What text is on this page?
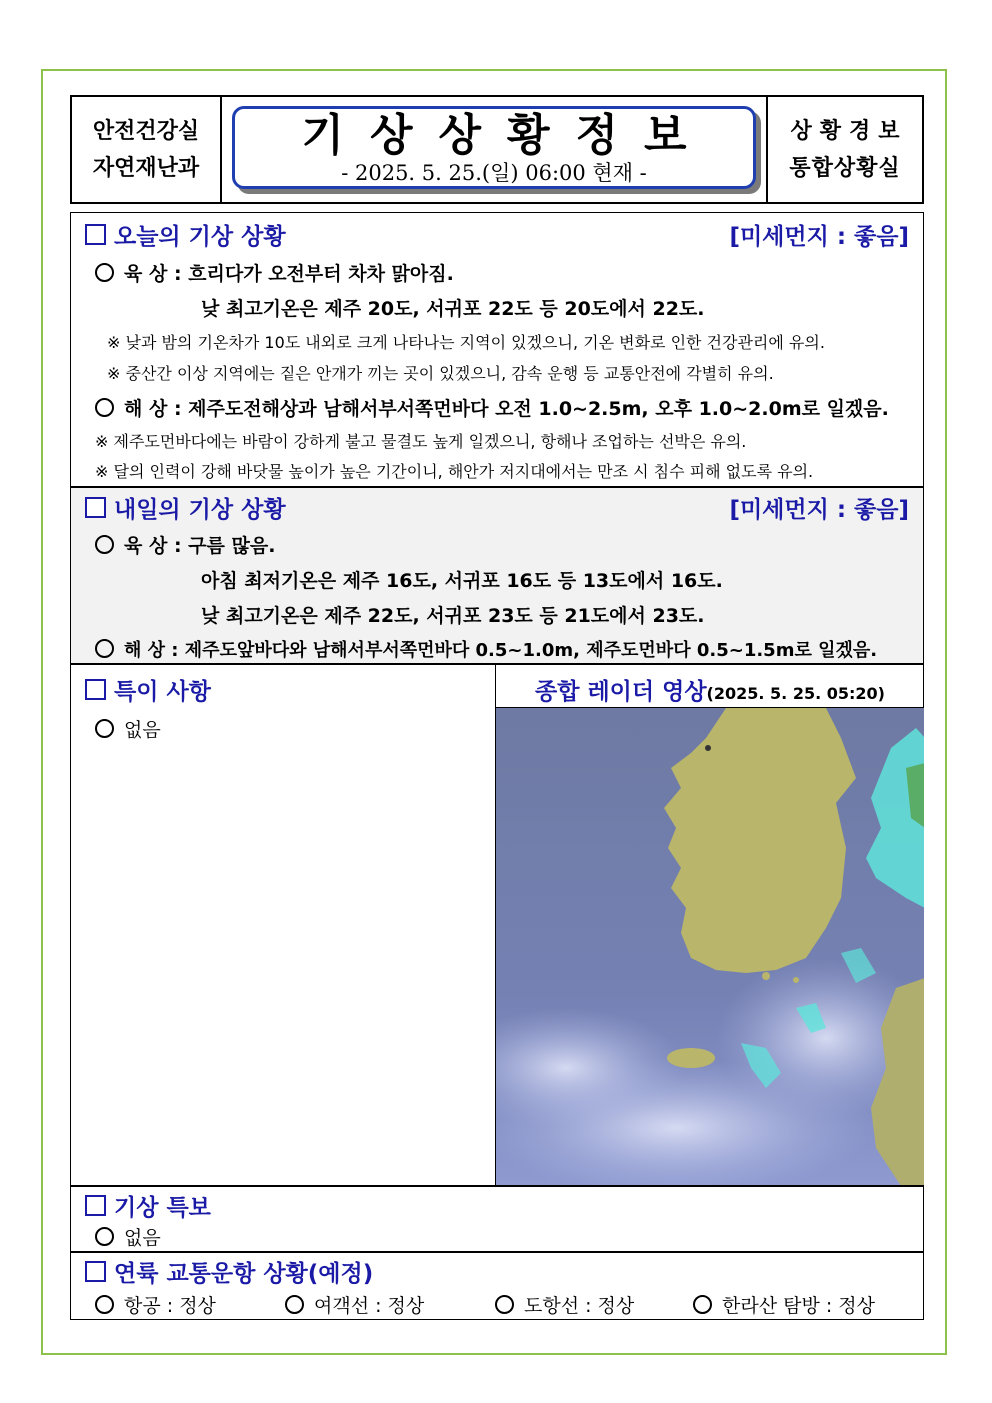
안전건강실
자연재난과
기상상황정보
- 2025. 5. 25.(일) 06:00 현재 -
상황경보
통합상황실
오늘의 기상 상황	[미세먼지 : 좋음]
육 상 : 흐리다가 오전부터 차차 맑아짐.
낮 최고기온은 제주 20도, 서귀포 22도 등 20도에서 22도.
※ 낮과 밤의 기온차가 10도 내외로 크게 나타나는 지역이 있겠으니, 기온 변화로 인한 건강관리에 유의.
※ 중산간 이상 지역에는 짙은 안개가 끼는 곳이 있겠으니, 감속 운행 등 교통안전에 각별히 유의.
해 상 : 제주도전해상과 남해서부서쪽먼바다 오전 1.0~2.5m, 오후 1.0~2.0m로 일겠음.
※ 제주도먼바다에는 바람이 강하게 불고 물결도 높게 일겠으니, 항해나 조업하는 선박은 유의.
※ 달의 인력이 강해 바닷물 높이가 높은 기간이니, 해안가 저지대에서는 만조 시 침수 피해 없도록 유의.
내일의 기상 상황	[미세먼지 : 좋음]
육 상 : 구름 많음.
아침 최저기온은 제주 16도, 서귀포 16도 등 13도에서 16도.
낮 최고기온은 제주 22도, 서귀포 23도 등 21도에서 23도.
해 상 : 제주도앞바다와 남해서부서쪽먼바다 0.5~1.0m, 제주도먼바다 0.5~1.5m로 일겠음.
특이 사항
없음
종합 레이더 영상(2025. 5. 25. 05:20)
기상 특보
없음
연륙 교통운항 상황(예정)
항공 : 정상	여객선 : 정상	도항선 : 정상	한라산 탐방 : 정상
